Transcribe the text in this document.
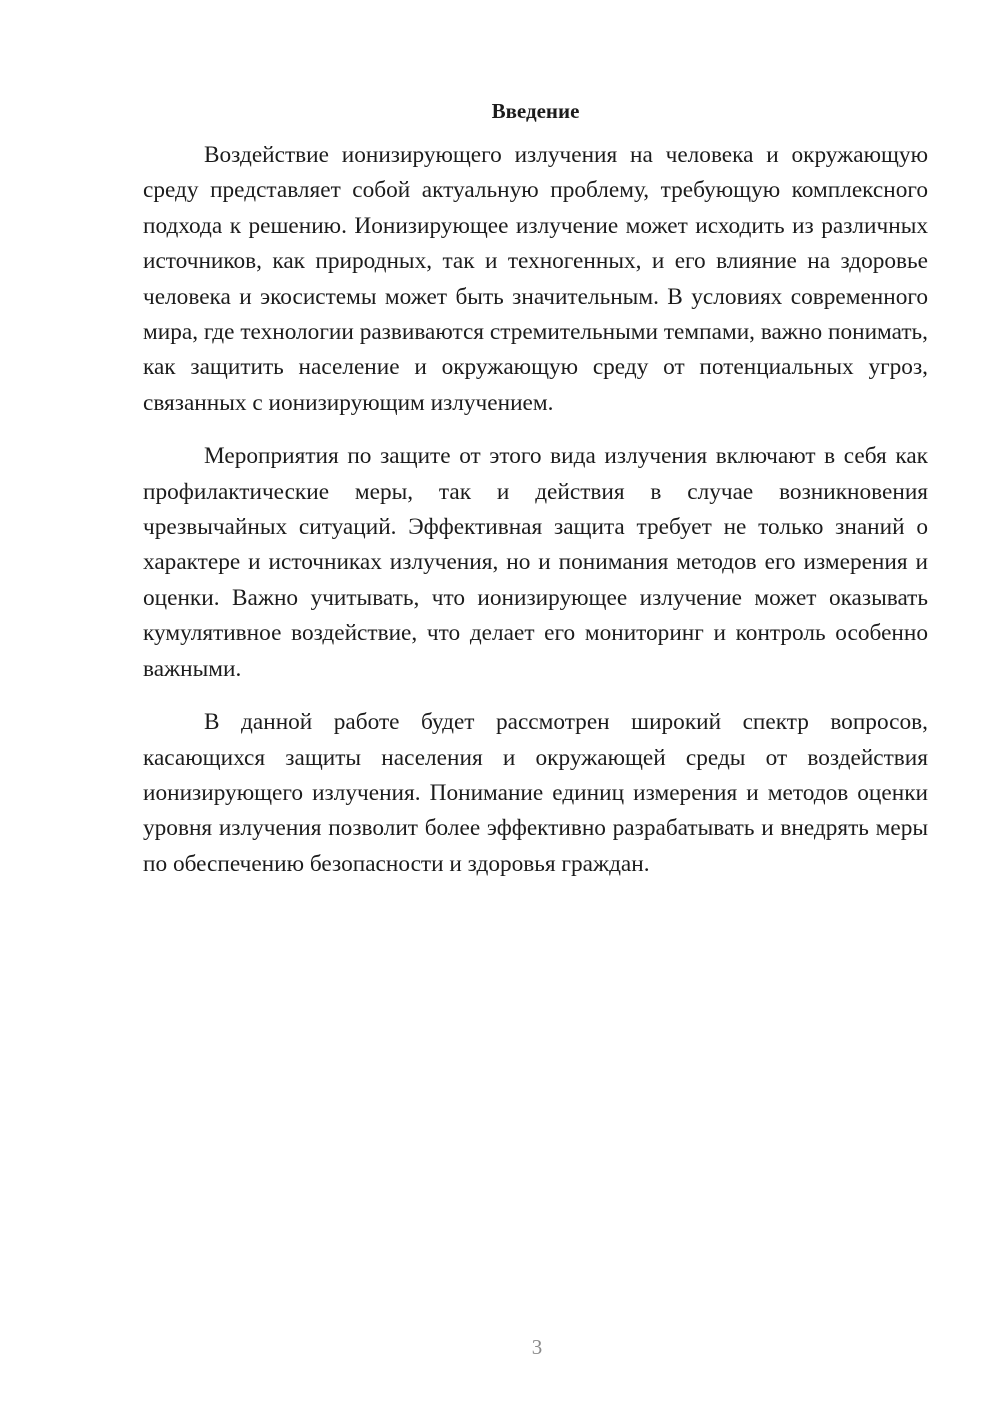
Введение

Воздействие ионизирующего излучения на человека и окружающую среду представляет собой актуальную проблему, требующую комплексного подхода к решению. Ионизирующее излучение может исходить из различных источников, как природных, так и техногенных, и его влияние на здоровье человека и экосистемы может быть значительным. В условиях современного мира, где технологии развиваются стремительными темпами, важно понимать, как защитить население и окружающую среду от потенциальных угроз, связанных с ионизирующим излучением.

Мероприятия по защите от этого вида излучения включают в себя как профилактические меры, так и действия в случае возникновения чрезвычайных ситуаций. Эффективная защита требует не только знаний о характере и источниках излучения, но и понимания методов его измерения и оценки. Важно учитывать, что ионизирующее излучение может оказывать кумулятивное воздействие, что делает его мониторинг и контроль особенно важными.

В данной работе будет рассмотрен широкий спектр вопросов, касающихся защиты населения и окружающей среды от воздействия ионизирующего излучения. Понимание единиц измерения и методов оценки уровня излучения позволит более эффективно разрабатывать и внедрять меры по обеспечению безопасности и здоровья граждан.

3
